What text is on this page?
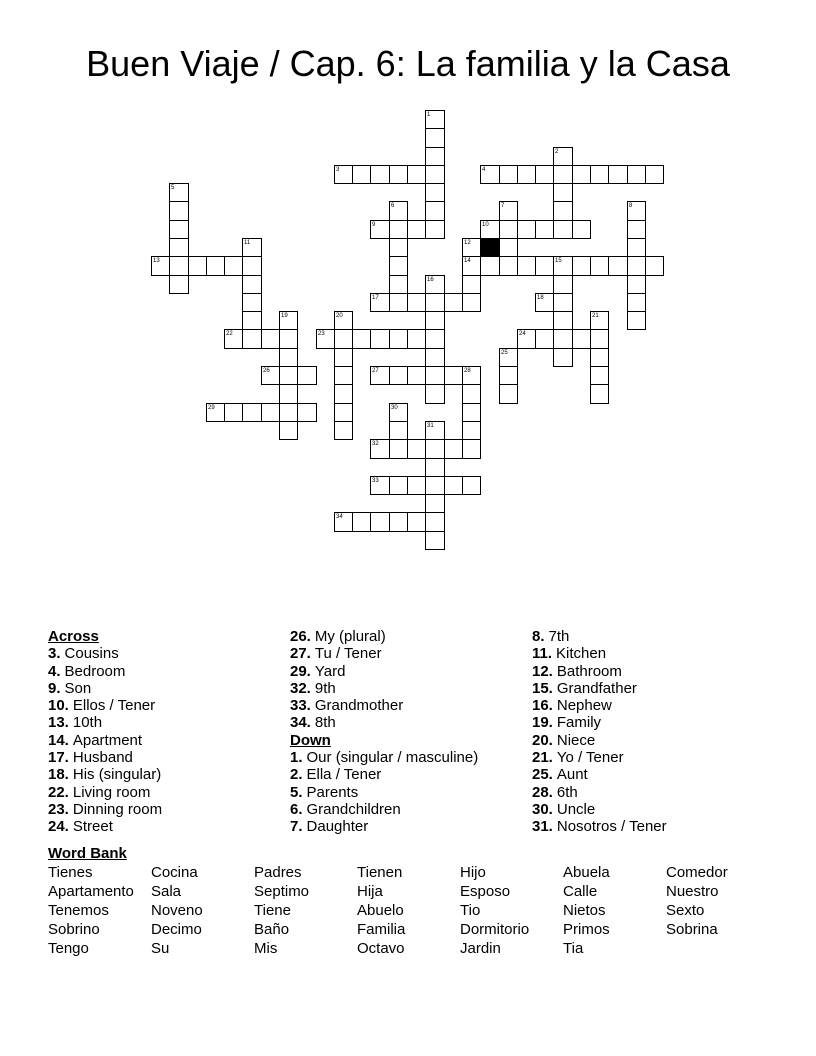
Buen Viaje / Cap. 6: La familia y la Casa
1
2
3	4
5
6	7	8
9	10
11	12
14
13	15
16
17	18
19	20	21
22	23	24
25
26	27	28
29	30
31
32
33
34
Across
3. Cousins
4. Bedroom
9. Son
10. Ellos / Tener
13. 10th
14. Apartment
17. Husband
18. His (singular)
22. Living room
23. Dinning room
24. Street
26. My (plural)
27. Tu / Tener
29. Yard
32. 9th
33. Grandmother
34. 8th
Down
1. Our (singular / masculine)
2. Ella / Tener
5. Parents
6. Grandchildren
7. Daughter
8. 7th
11. Kitchen
12. Bathroom
15. Grandfather
16. Nephew
19. Family
20. Niece
21. Yo / Tener
25. Aunt
28. 6th
30. Uncle
31. Nosotros / Tener
Word Bank
Tienes	Cocina	Padres	Tienen	Hijo	Abuela	Comedor
Apartamento	Sala	Septimo	Hija	Esposo	Calle	Nuestro
Tenemos	Noveno	Tiene	Abuelo	Tio	Nietos	Sexto
Sobrino	Decimo	Baño	Familia	Dormitorio	Primos	Sobrina
Tengo	Su	Mis	Octavo	Jardin	Tia
